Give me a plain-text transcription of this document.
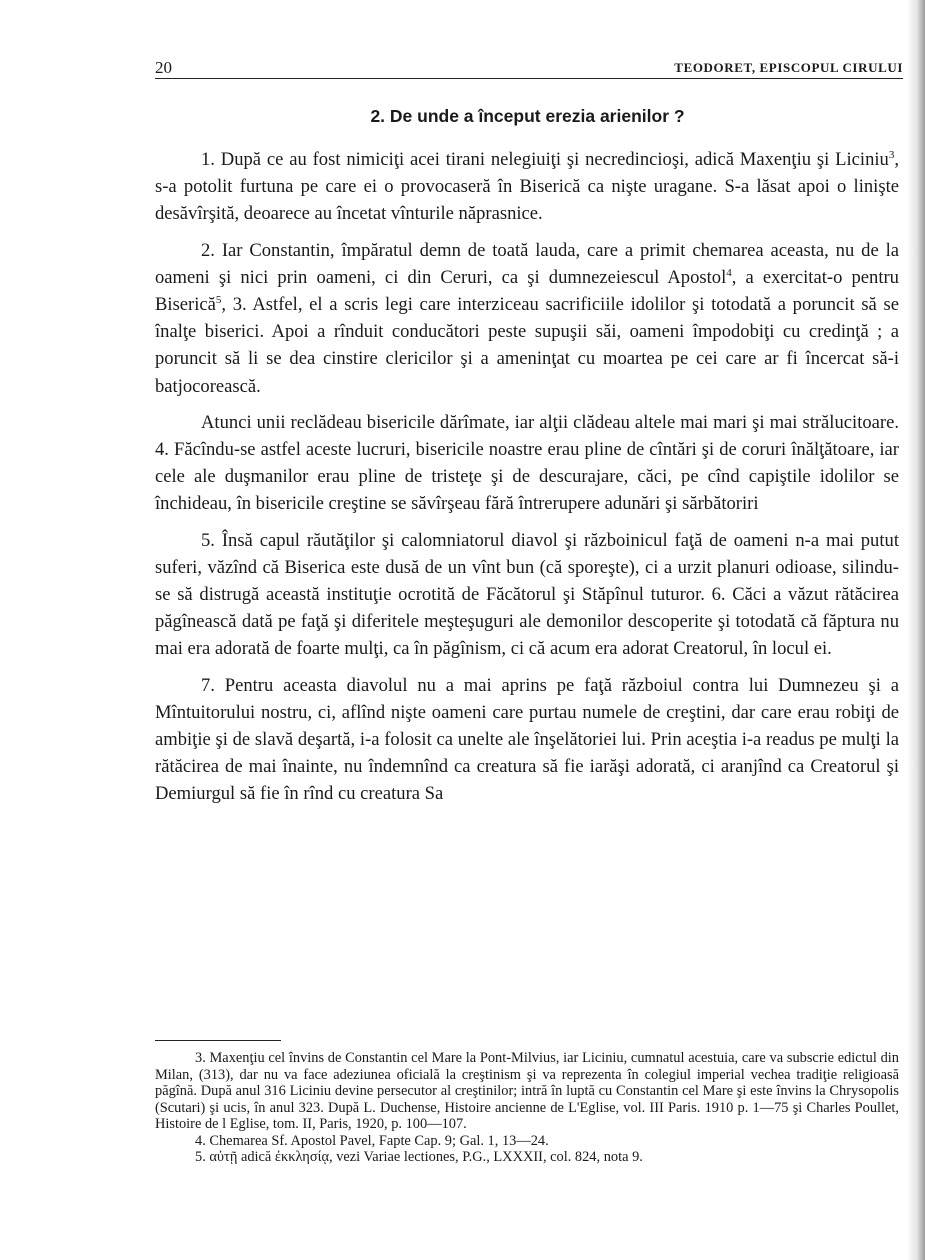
20	TEODORET, EPISCOPUL CIRULUI
2. De unde a început erezia arienilor ?

1. După ce au fost nimiciţi acei tirani nelegiuiţi şi necredincioşi, adică Maxenţiu şi Liciniu$^3$, s-a potolit furtuna pe care ei o provocaseră în Biserică ca nişte uragane. S-a lăsat apoi o linişte desăvîrşită, deoarece au încetat vînturile năprasnice.

2. Iar Constantin, împăratul demn de toată lauda, care a primit chemarea aceasta, nu de la oameni şi nici prin oameni, ci din Ceruri, ca şi dumnezeiescul Apostol$^4$, a exercitat-o pentru Biserică$^5$, 3. Astfel, el a scris legi care interziceau sacrificiile idolilor şi totodată a poruncit să se înalţe biserici. Apoi a rînduit conducători peste supuşii săi, oameni împodobiţi cu credinţă ; a poruncit să li se dea cinstire clericilor şi a ameninţat cu moartea pe cei care ar fi încercat să-i batjocorească.

Atunci unii reclădeau bisericile dărîmate, iar alţii clădeau altele mai mari şi mai strălucitoare. 4. Făcîndu-se astfel aceste lucruri, bisericile noastre erau pline de cîntări şi de coruri înălţătoare, iar cele ale duşmanilor erau pline de tristeţe şi de descurajare, căci, pe cînd capiştile idolilor se închideau, în bisericile creştine se săvîrşeau fără întrerupere adunări şi sărbătoriri

5. Însă capul răutăţilor şi calomniatorul diavol şi războinicul faţă de oameni n-a mai putut suferi, văzînd că Biserica este dusă de un vînt bun (că sporeşte), ci a urzit planuri odioase, silindu-se să distrugă această instituţie ocrotită de Făcătorul şi Stăpînul tuturor. 6. Căci a văzut rătăcirea păgînească dată pe faţă şi diferitele meşteşuguri ale demonilor descoperite şi totodată că făptura nu mai era adorată de foarte mulţi, ca în păgînism, ci că acum era adorat Creatorul, în locul ei.

7. Pentru aceasta diavolul nu a mai aprins pe faţă războiul contra lui Dumnezeu şi a Mîntuitorului nostru, ci, aflînd nişte oameni care purtau numele de creştini, dar care erau robiţi de ambiţie şi de slavă deşartă, i-a folosit ca unelte ale înşelătoriei lui. Prin aceştia i-a readus pe mulţi la rătăcirea de mai înainte, nu îndemnînd ca creatura să fie iarăşi adorată, ci aranjînd ca Creatorul şi Demiurgul să fie în rînd cu creatura Sa

3. Maxenţiu cel învins de Constantin cel Mare la Pont-Milvius, iar Liciniu, cumnatul acestuia, care va subscrie edictul din Milan, (313), dar nu va face adeziunea oficială la creştinism şi va reprezenta în colegiul imperial vechea tradiţie religioasă păgînă. După anul 316 Liciniu devine persecutor al creştinilor; intră în luptă cu Constantin cel Mare şi este învins la Chrysopolis (Scutari) şi ucis, în anul 323. După L. Duchense, Histoire ancienne de L'Eglise, vol. III Paris. 1910 p. 1—75 şi Charles Poullet, Histoire de l Eglise, tom. II, Paris, 1920, p. 100—107.

4. Chemarea Sf. Apostol Pavel, Fapte Cap. 9; Gal. 1, 13—24.

5. αὐτῇ adică ἐκκλησίᾳ, vezi Variae lectiones, P.G., LXXXII, col. 824, nota 9.
